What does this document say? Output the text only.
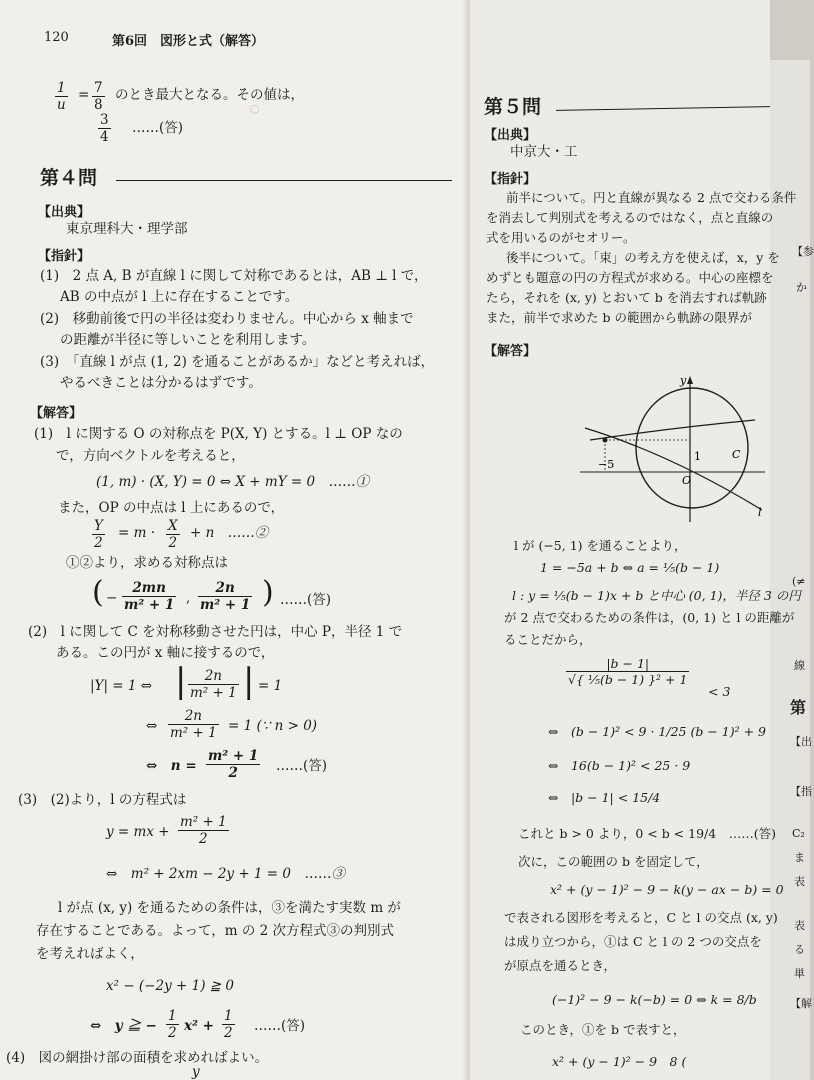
○　　　　　　　　
120	第6回　図形と式（解答）
$\frac{1}{u} = \frac{7}{8}$ のとき最大となる。その値は，
$\frac{3}{4}$ ……(答)
第４問
【出典】
東京理科大・理学部
【指針】
(1)　2 点 A, B が直線 l に関して対称であるとは，AB ⊥ l で，
AB の中点が l 上に存在することです。
(2)　移動前後で円の半径は変わりません。中心から x 軸まで
の距離が半径に等しいことを利用します。
(3)　「直線 l が点 (1, 2) を通ることがあるか」などと考えれば，
やるべきことは分かるはずです。
【解答】
(1)　l に関する O の対称点を P(X, Y) とする。l ⊥ OP なの
で，方向ベクトルを考えると，
(1, m) · (X, Y) = 0 ⇔ X + mY = 0　……①
また，OP の中点は l 上にあるので，
$\frac{Y}{2} = m \cdot \frac{X}{2} + n$　……②
①②より，求める対称点は
( − $\frac{2mn}{\text{m² + 1}}$ , $\frac{2n}{\text{m² + 1}}$ ) ……(答)
(2)　l に関して C を対称移動させた円は，中心 P，半径 1 で
ある。この円が x 軸に接するので，
|Y| = 1 ⇔ | $\frac{2n}{\text{m² + 1}}$ | = 1
⇔ $\frac{2n}{\text{m² + 1}} = 1$ (∵ n > 0)
⇔　$n = \frac{\text{m² + 1}}{2}$ ……(答)
(3)　(2)より，l の方程式は
y = mx + $\frac{\text{m² + 1}}{2}$
⇔　m² + 2xm − 2y + 1 = 0　……③
l が点 (x, y) を通るための条件は，③を満たす実数 m が
存在することである。よって，m の 2 次方程式③の判別式
を考えればよく，
x² − (−2y + 1) ≧ 0
⇔　y ≧ − $\frac{1}{2} x^2 + \frac{1}{2}$ ……(答)
(4)　図の網掛け部の面積を求めればよい。
y
第５問
【出典】
中京大・工
【指針】
前半について。円と直線が異なる 2 点で交わる条件
を消去して判別式を考えるのではなく，点と直線の
式を用いるのがセオリー。
後半について。「束」の考え方を使えば，x，y を
めずとも題意の円の方程式が求める。中心の座標を
たら，それを (x, y) とおいて b を消去すれば軌跡
また，前半で求めた b の範囲から軌跡の限界が
【解答】
y
−5
1
O
C
l
l が (−5, 1) を通ることより，
1 = −5a + b ⇔ a = ⅕(b − 1)
l : y = ⅕(b − 1)x + b と中心 (0, 1)，半径 3 の円
が 2 点で交わるための条件は，(0, 1) と l の距離が
ることだから，
$\frac{|b - 1|}{\text{√\{ ⅕(b − 1) \}² + 1}}$
< 3
⇔　(b − 1)² < 9 · 1/25 (b − 1)² + 9
⇔　16(b − 1)² < 25 · 9
⇔　|b − 1| < 15/4
これと b > 0 より，0 < b < 19/4　……(答)
次に，この範囲の b を固定して，
x² + (y − 1)² − 9 − k(y − ax − b) = 0
で表される図形を考えると，C と l の交点 (x, y)
は成り立つから，①は C と l の 2 つの交点を
が原点を通るとき，
(−1)² − 9 − k(−b) = 0 ⇔ k = 8/b
このとき，①を b で表すと，
x² + (y − 1)² − 9　8 (
【参
か
(≠
線
第
【出
【指
C₂
ま
表
表
る
単
【解
